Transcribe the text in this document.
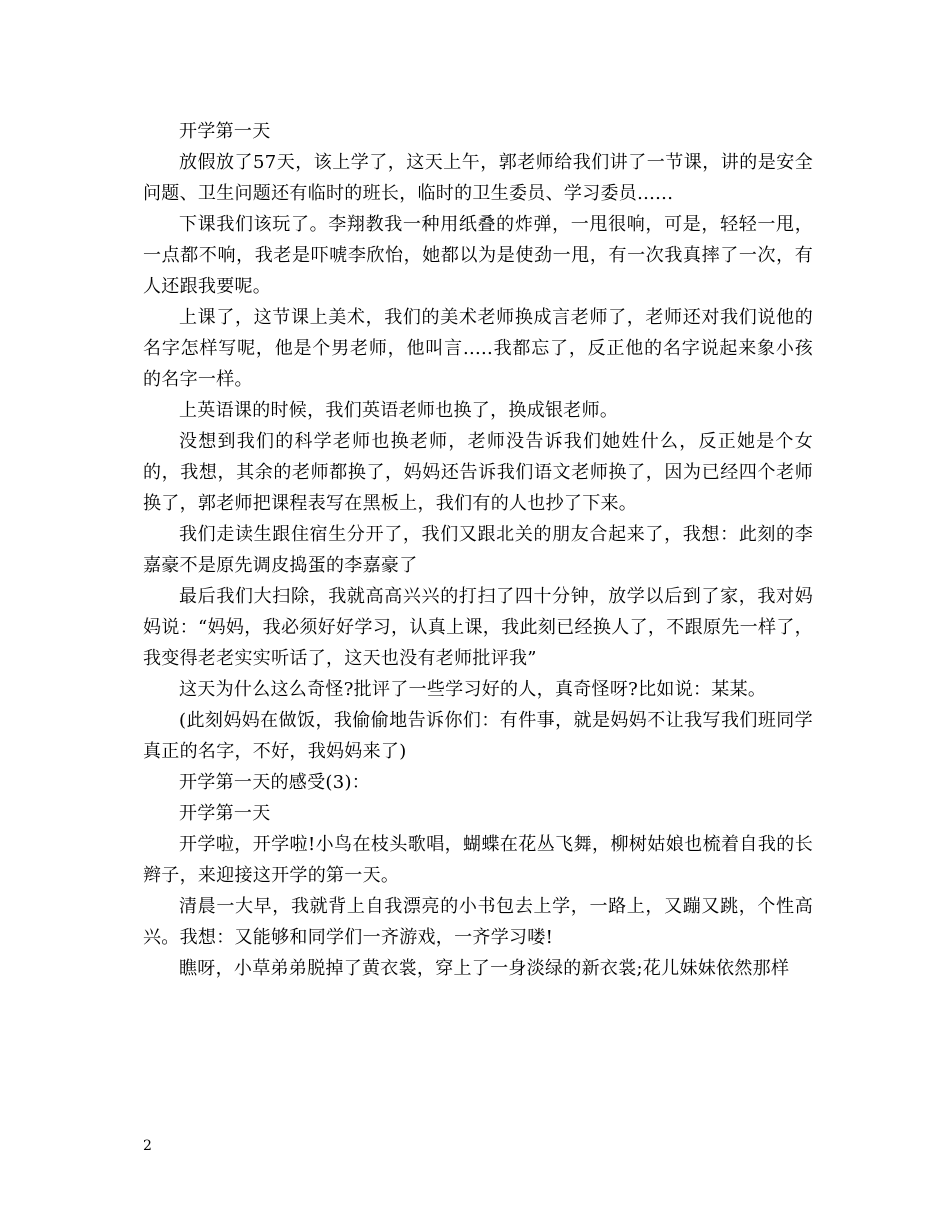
开学第一天

放假放了57天，该上学了，这天上午，郭老师给我们讲了一节课，讲的是安全问题、卫生问题还有临时的班长，临时的卫生委员、学习委员......

下课我们该玩了。李翔教我一种用纸叠的炸弹，一甩很响，可是，轻轻一甩，一点都不响，我老是吓唬李欣怡，她都以为是使劲一甩，有一次我真摔了一次，有人还跟我要呢。

上课了，这节课上美术，我们的美术老师换成言老师了，老师还对我们说他的名字怎样写呢，他是个男老师，他叫言.....我都忘了，反正他的名字说起来象小孩的名字一样。

上英语课的时候，我们英语老师也换了，换成银老师。

没想到我们的科学老师也换老师，老师没告诉我们她姓什么，反正她是个女的，我想，其余的老师都换了，妈妈还告诉我们语文老师换了，因为已经四个老师换了，郭老师把课程表写在黑板上，我们有的人也抄了下来。

我们走读生跟住宿生分开了，我们又跟北关的朋友合起来了，我想：此刻的李嘉豪不是原先调皮捣蛋的李嘉豪了

最后我们大扫除，我就高高兴兴的打扫了四十分钟，放学以后到了家，我对妈妈说：“妈妈，我必须好好学习，认真上课，我此刻已经换人了，不跟原先一样了，我变得老老实实听话了，这天也没有老师批评我”

这天为什么这么奇怪?批评了一些学习好的人，真奇怪呀?比如说：某某。

(此刻妈妈在做饭，我偷偷地告诉你们：有件事，就是妈妈不让我写我们班同学真正的名字，不好，我妈妈来了)

开学第一天的感受(3)：

开学第一天

开学啦，开学啦!小鸟在枝头歌唱，蝴蝶在花丛飞舞，柳树姑娘也梳着自我的长辫子，来迎接这开学的第一天。

清晨一大早，我就背上自我漂亮的小书包去上学，一路上，又蹦又跳，个性高兴。我想：又能够和同学们一齐游戏，一齐学习喽!

瞧呀，小草弟弟脱掉了黄衣裳，穿上了一身淡绿的新衣裳;花儿妹妹依然那样

2
